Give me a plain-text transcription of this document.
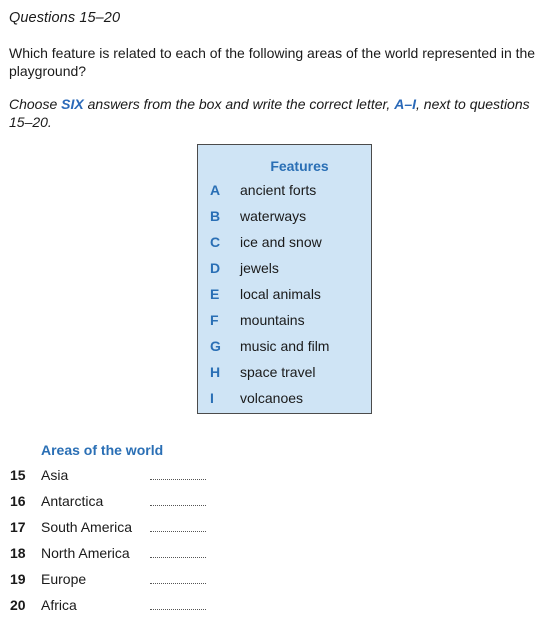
Questions 15–20
Which feature is related to each of the following areas of the world represented in the playground?
Choose SIX answers from the box and write the correct letter, A–I, next to questions 15–20.
Features
A	ancient forts
B	waterways
C	ice and snow
D	jewels
E	local animals
F	mountains
G	music and film
H	space travel
I	volcanoes
Areas of the world
15	Asia
16	Antarctica
17	South America
18	North America
19	Europe
20	Africa
